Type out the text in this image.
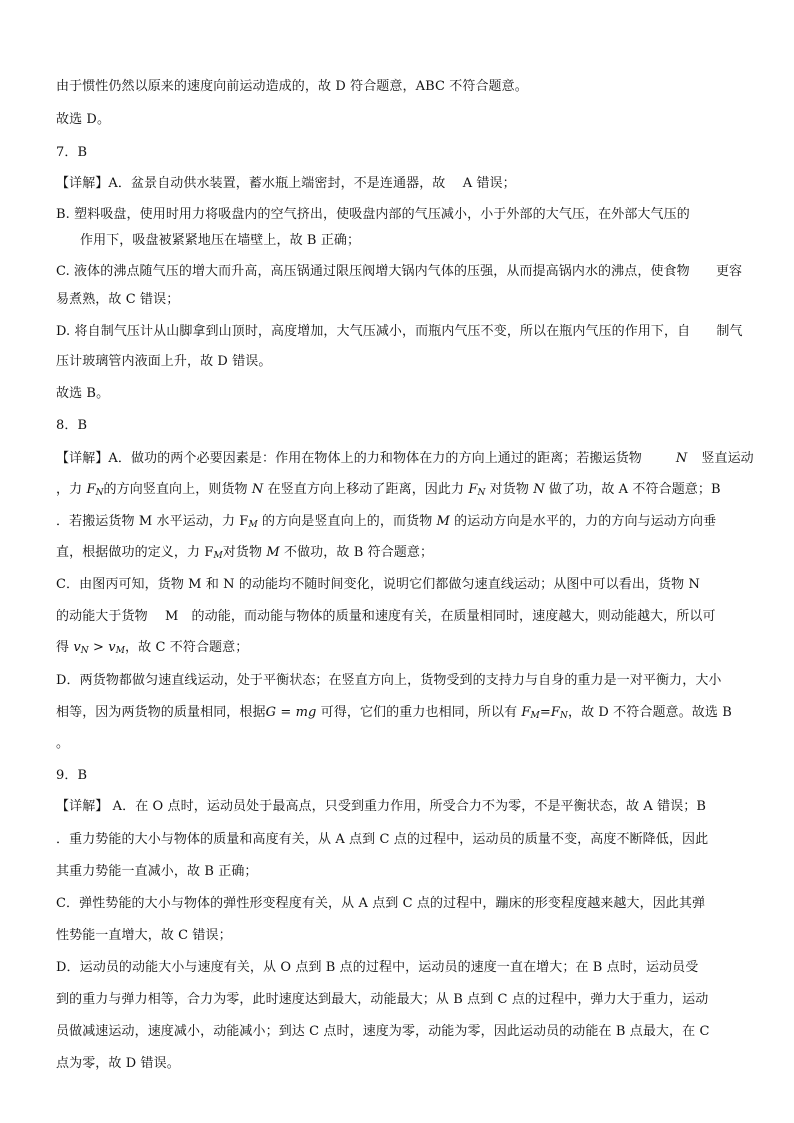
由于惯性仍然以原来的速度向前运动造成的，故 D 符合题意，ABC 不符合题意。
故选 D。
7．B
【详解】A．盆景自动供水装置，蓄水瓶上端密封，不是连通器，故　 A 错误；
B. 塑料吸盘，使用时用力将吸盘内的空气挤出，使吸盘内部的气压减小，小于外部的大气压，在外部大气压的
作用下，吸盘被紧紧地压在墙壁上，故 B 正确；
C. 液体的沸点随气压的增大而升高，高压锅通过限压阀增大锅内气体的压强，从而提高锅内水的沸点，使食物　　更容
易煮熟，故 C 错误；
D. 将自制气压计从山脚拿到山顶时，高度增加，大气压减小，而瓶内气压不变，所以在瓶内气压的作用下，自　　制气
压计玻璃管内液面上升，故 D 错误。
故选 B。
8．B
【详解】A．做功的两个必要因素是：作用在物体上的力和物体在力的方向上通过的距离；若搬运货物	N 竖直运动
，力 $F_N$的方向竖直向上，则货物 N 在竖直方向上移动了距离，因此力 $F_N$ 对货物 N 做了功，故 A 不符合题意；B
．若搬运货物 M 水平运动，力 $F_M$ 的方向是竖直向上的，而货物 M 的运动方向是水平的，力的方向与运动方向垂
直，根据做功的定义，力 $F_M$对货物 M 不做功，故 B 符合题意；
C．由图丙可知，货物 M 和 N 的动能均不随时间变化，说明它们都做匀速直线运动；从图中可以看出，货物 N
的动能大于货物　 M　的动能，而动能与物体的质量和速度有关，在质量相同时，速度越大，则动能越大，所以可
得 $v_N > v_M$，故 C 不符合题意；
D．两货物都做匀速直线运动，处于平衡状态；在竖直方向上，货物受到的支持力与自身的重力是一对平衡力，大小
相等，因为两货物的质量相同，根据G = mg 可得，它们的重力也相同，所以有 $F_M=F_N$，故 D 不符合题意。故选 B
。
9．B
【详解】 A．在 O 点时，运动员处于最高点，只受到重力作用，所受合力不为零，不是平衡状态，故 A 错误；B
．重力势能的大小与物体的质量和高度有关，从 A 点到 C 点的过程中，运动员的质量不变，高度不断降低，因此
其重力势能一直减小，故 B 正确；
C．弹性势能的大小与物体的弹性形变程度有关，从 A 点到 C 点的过程中，蹦床的形变程度越来越大，因此其弹
性势能一直增大，故 C 错误；
D．运动员的动能大小与速度有关，从 O 点到 B 点的过程中，运动员的速度一直在增大；在 B 点时，运动员受
到的重力与弹力相等，合力为零，此时速度达到最大，动能最大；从 B 点到 C 点的过程中，弹力大于重力，运动
员做减速运动，速度减小，动能减小；到达 C 点时，速度为零，动能为零，因此运动员的动能在 B 点最大，在 C
点为零，故 D 错误。
